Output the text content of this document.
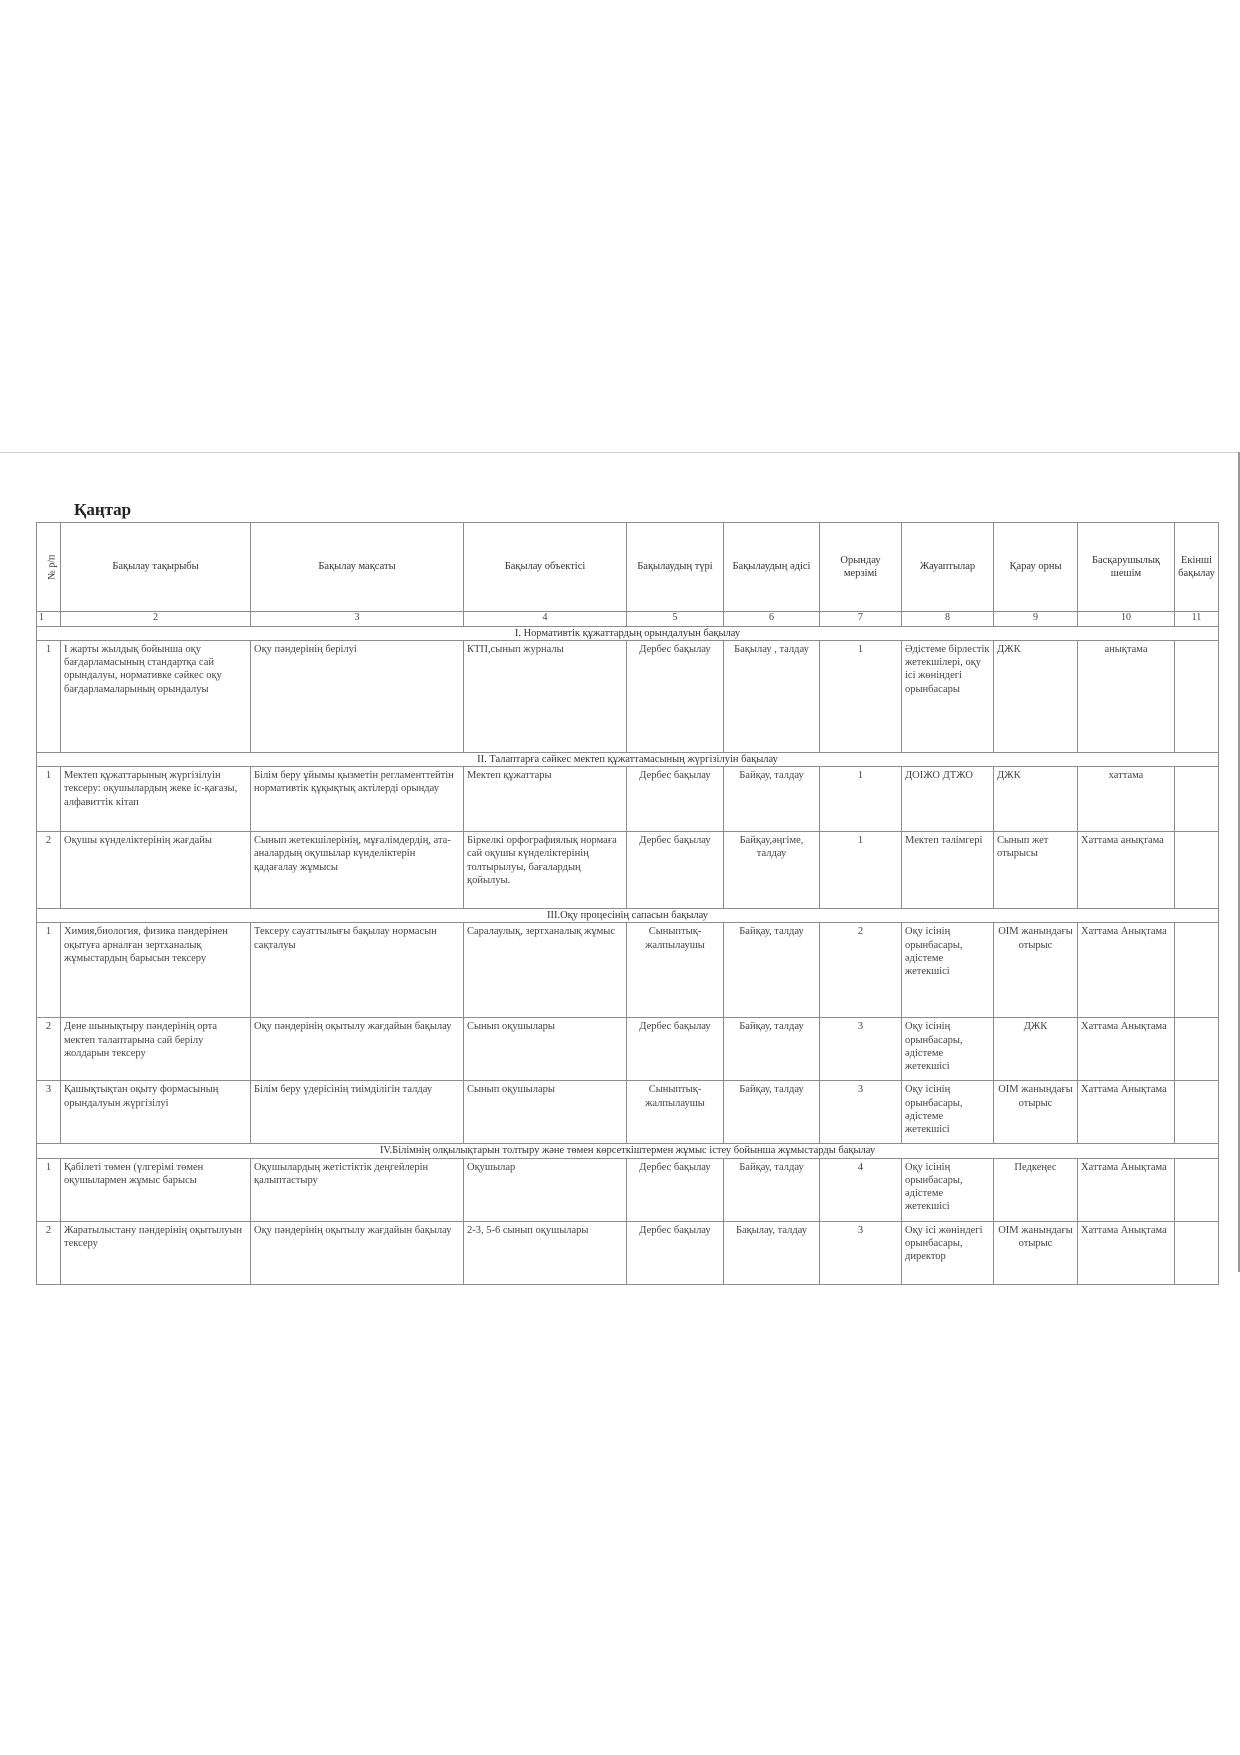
Қаңтар
№ р/п	Бақылау тақырыбы	Бақылау мақсаты	Бақылау объектісі	Бақылаудың түрі	Бақылаудың әдісі	Орындау мерзімі	Жауаптылар	Қарау орны	Басқарушылық шешім	Екінші бақылау
1	2	3	4	5	6	7	8	9	10	11
I. Нормативтік құжаттардың орындалуын бақылау										
1	І жарты жылдық бойынша оқу бағдарламасының стандартқа сай орындалуы, нормативке сәйкес оқу бағдарламаларының орындалуы	Оқу пәндерінің берілуі	КТП,сынып журналы	Дербес бақылау	Бақылау , талдау	1	Әдістеме бірлестік жетекшілері, оқу ісі жөніндегі орынбасары	ДЖК	анықтама	
II. Талаптарға сәйкес мектеп құжаттамасының жүргізілуін бақылау										
1	Мектеп құжаттарының жүргізілуін тексеру: оқушылардың жеке іс-қағазы, алфавиттік кітап	Білім беру ұйымы қызметін регламенттейтін нормативтік құқықтық актілерді орындау	Мектеп құжаттары	Дербес бақылау	Байқау, талдау	1	ДОІЖО ДТЖО	ДЖК	хаттама	
2	Оқушы күнделіктерінің жағдайы	Сынып жетекшілерінің, мұғалімдердің, ата-аналардың оқушылар күнделіктерін қадағалау жұмысы	Біркелкі орфографиялық нормаға сай оқушы күнделіктерінің толтырылуы, бағалардың қойылуы.	Дербес бақылау	Байқау,әңгіме, талдау	1	Мектеп тәлімгері	Сынып жет отырысы	Хаттама анықтама	
III.Оқу процесінің сапасын бақылау										
1	Химия,биология, физика пәндерінен оқытуға арналған зертханалық жұмыстардың барысын тексеру	Тексеру сауаттылығы бақылау нормасын сақталуы	Саралаулық, зертханалық жұмыс	Сыныптық-жалпылаушы	Байқау, талдау	2	Оқу ісінің орынбасары, әдістеме жетекшісі	ОІМ жанындағы отырыс	Хаттама Анықтама	
2	Дене шынықтыру пәндерінің орта мектеп талаптарына сай берілу жолдарын тексеру	Оқу пәндерінің оқытылу жағдайын бақылау	Сынып оқушылары	Дербес бақылау	Байқау, талдау	3	Оқу ісінің орынбасары, әдістеме жетекшісі	ДЖК	Хаттама Анықтама	
3	Қашықтықтан оқыту формасының орындалуын жүргізілуі	Білім беру үдерісінің тиімділігін талдау	Сынып оқушылары	Сыныптық-жалпылаушы	Байқау, талдау	3	Оқу ісінің орынбасары, әдістеме жетекшісі	ОІМ жанындағы отырыс	Хаттама Анықтама	
IV.Білімнің олқылықтарын толтыру және төмен көрсеткіштермен жұмыс істеу бойынша жұмыстарды бақылау										
1	Қабілеті төмен (үлгерімі төмен оқушылармен жұмыс барысы	Оқушылардың жетістіктік деңгейлерін қалыптастыру	Оқушылар	Дербес бақылау	Байқау, талдау	4	Оқу ісінің орынбасары, әдістеме жетекшісі	Педкеңес	Хаттама Анықтама	
2	Жаратылыстану пәндерінің оқытылуын тексеру	Оқу пәндерінің оқытылу жағдайын бақылау	2-3, 5-6 сынып оқушылары	Дербес бақылау	Бақылау, талдау	3	Оқу ісі жөніндегі орынбасары, директор	ОІМ жанындағы отырыс	Хаттама Анықтама	
